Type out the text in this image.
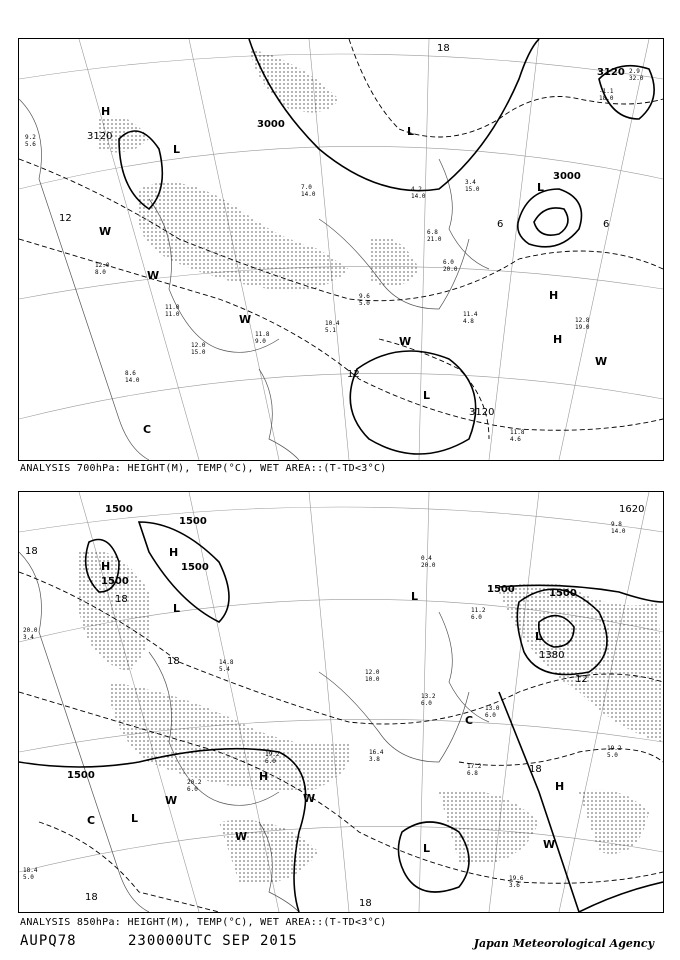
11.8
4.6
12.8
19.0
11.4
4.8
9.6
5.0
11.8
9.0
12.0
15.0
11.0
11.0
10.4
5.1
7.0
14.0
6.8
21.0
6.0
20.0
4.2
14.0
2.9
32.0
-1.1
18.0
3.4
15.0
9.2
5.6
8.6
14.0
12.0
8.0
18
12
12
6	6
3000
3120
H
3120
L
L
L
3000
H
L
3120
W
W
W
W
C
W
H
ANALYSIS 700hPa: HEIGHT(M), TEMP(°C), WET AREA::(T-TD<3°C)
19.6
3.6
19.2
5.0
16.4
3.8
19.2
6.0
20.2
6.0
13.2
6.0
12.0
10.0
11.2
6.0
13.0
6.0
9.8
14.0
0.4
20.0
20.0
3.4
18.4
5.0
14.8
5.4
17.2
6.8
1500
1500
1500
1500
1500	1500
1500
1380
1620
18
18
18
18
18
18
12
H
H
L
L
L
L
H
H
W
W
W
W
C
C
L
ANALYSIS 850hPa: HEIGHT(M), TEMP(°C), WET AREA::(T-TD<3°C)
AUPQ78	230000UTC SEP 2015	Japan Meteorological Agency
